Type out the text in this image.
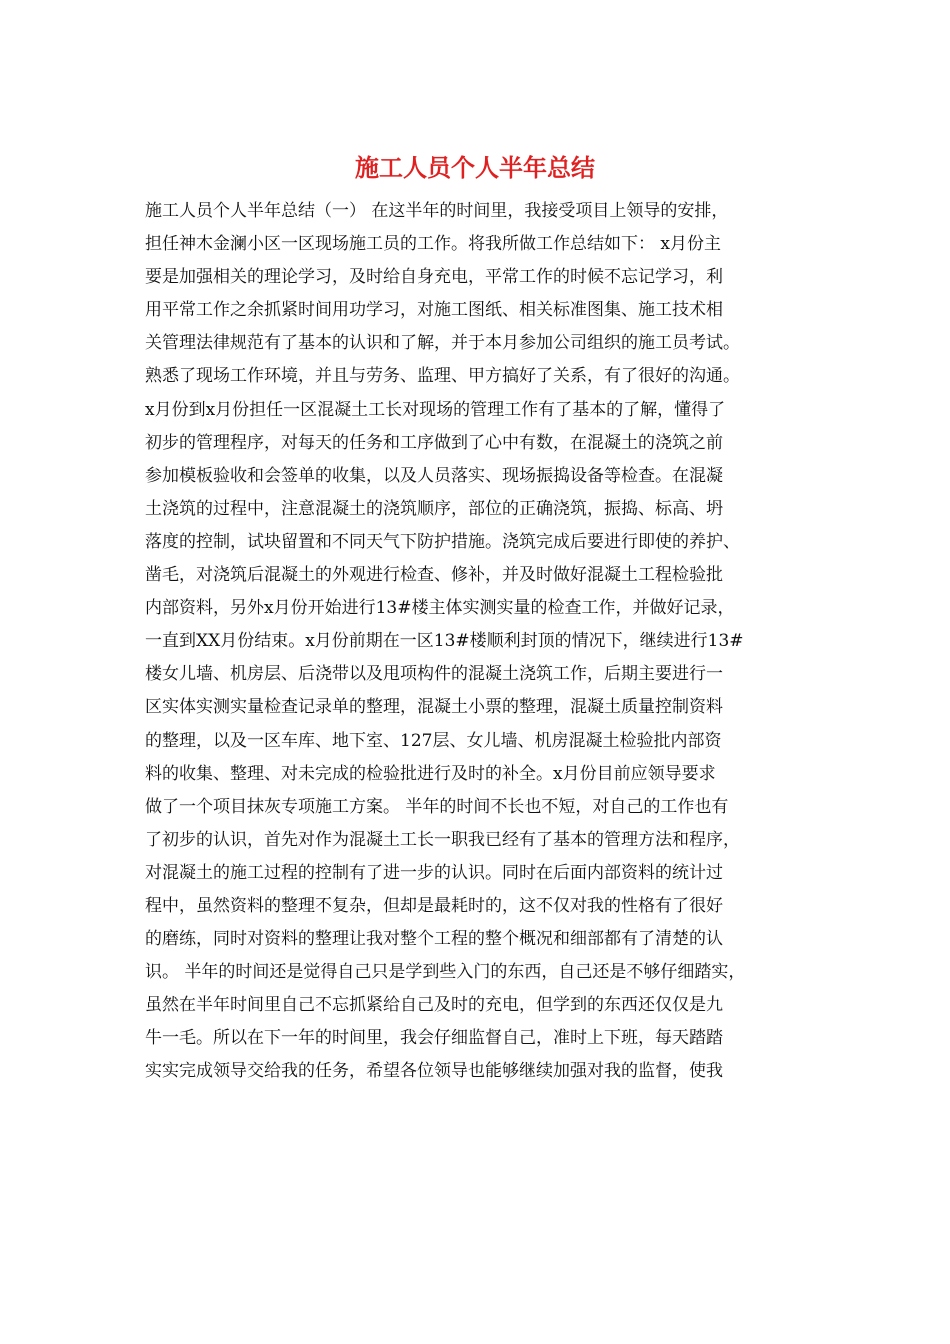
施工人员个人半年总结
施工人员个人半年总结（一） 在这半年的时间里，我接受项目上领导的安排，
担任神木金澜小区一区现场施工员的工作。将我所做工作总结如下： x月份主
要是加强相关的理论学习，及时给自身充电，平常工作的时候不忘记学习，利
用平常工作之余抓紧时间用功学习，对施工图纸、相关标准图集、施工技术相
关管理法律规范有了基本的认识和了解，并于本月参加公司组织的施工员考试。
熟悉了现场工作环境，并且与劳务、监理、甲方搞好了关系，有了很好的沟通。
x月份到x月份担任一区混凝土工长对现场的管理工作有了基本的了解，懂得了
初步的管理程序，对每天的任务和工序做到了心中有数，在混凝土的浇筑之前
参加模板验收和会签单的收集，以及人员落实、现场振捣设备等检查。在混凝
土浇筑的过程中，注意混凝土的浇筑顺序，部位的正确浇筑，振捣、标高、坍
落度的控制，试块留置和不同天气下防护措施。浇筑完成后要进行即使的养护、
凿毛，对浇筑后混凝土的外观进行检查、修补，并及时做好混凝土工程检验批
内部资料，另外x月份开始进行13#楼主体实测实量的检查工作，并做好记录，
一直到XX月份结束。x月份前期在一区13#楼顺利封顶的情况下，继续进行13#
楼女儿墙、机房层、后浇带以及甩项构件的混凝土浇筑工作，后期主要进行一
区实体实测实量检查记录单的整理，混凝土小票的整理，混凝土质量控制资料
的整理，以及一区车库、地下室、127层、女儿墙、机房混凝土检验批内部资
料的收集、整理、对未完成的检验批进行及时的补全。x月份目前应领导要求
做了一个项目抹灰专项施工方案。 半年的时间不长也不短，对自己的工作也有
了初步的认识，首先对作为混凝土工长一职我已经有了基本的管理方法和程序，
对混凝土的施工过程的控制有了进一步的认识。同时在后面内部资料的统计过
程中，虽然资料的整理不复杂，但却是最耗时的，这不仅对我的性格有了很好
的磨练，同时对资料的整理让我对整个工程的整个概况和细部都有了清楚的认
识。 半年的时间还是觉得自己只是学到些入门的东西，自己还是不够仔细踏实，
虽然在半年时间里自己不忘抓紧给自己及时的充电，但学到的东西还仅仅是九
牛一毛。所以在下一年的时间里，我会仔细监督自己，准时上下班，每天踏踏
实实完成领导交给我的任务，希望各位领导也能够继续加强对我的监督，使我
